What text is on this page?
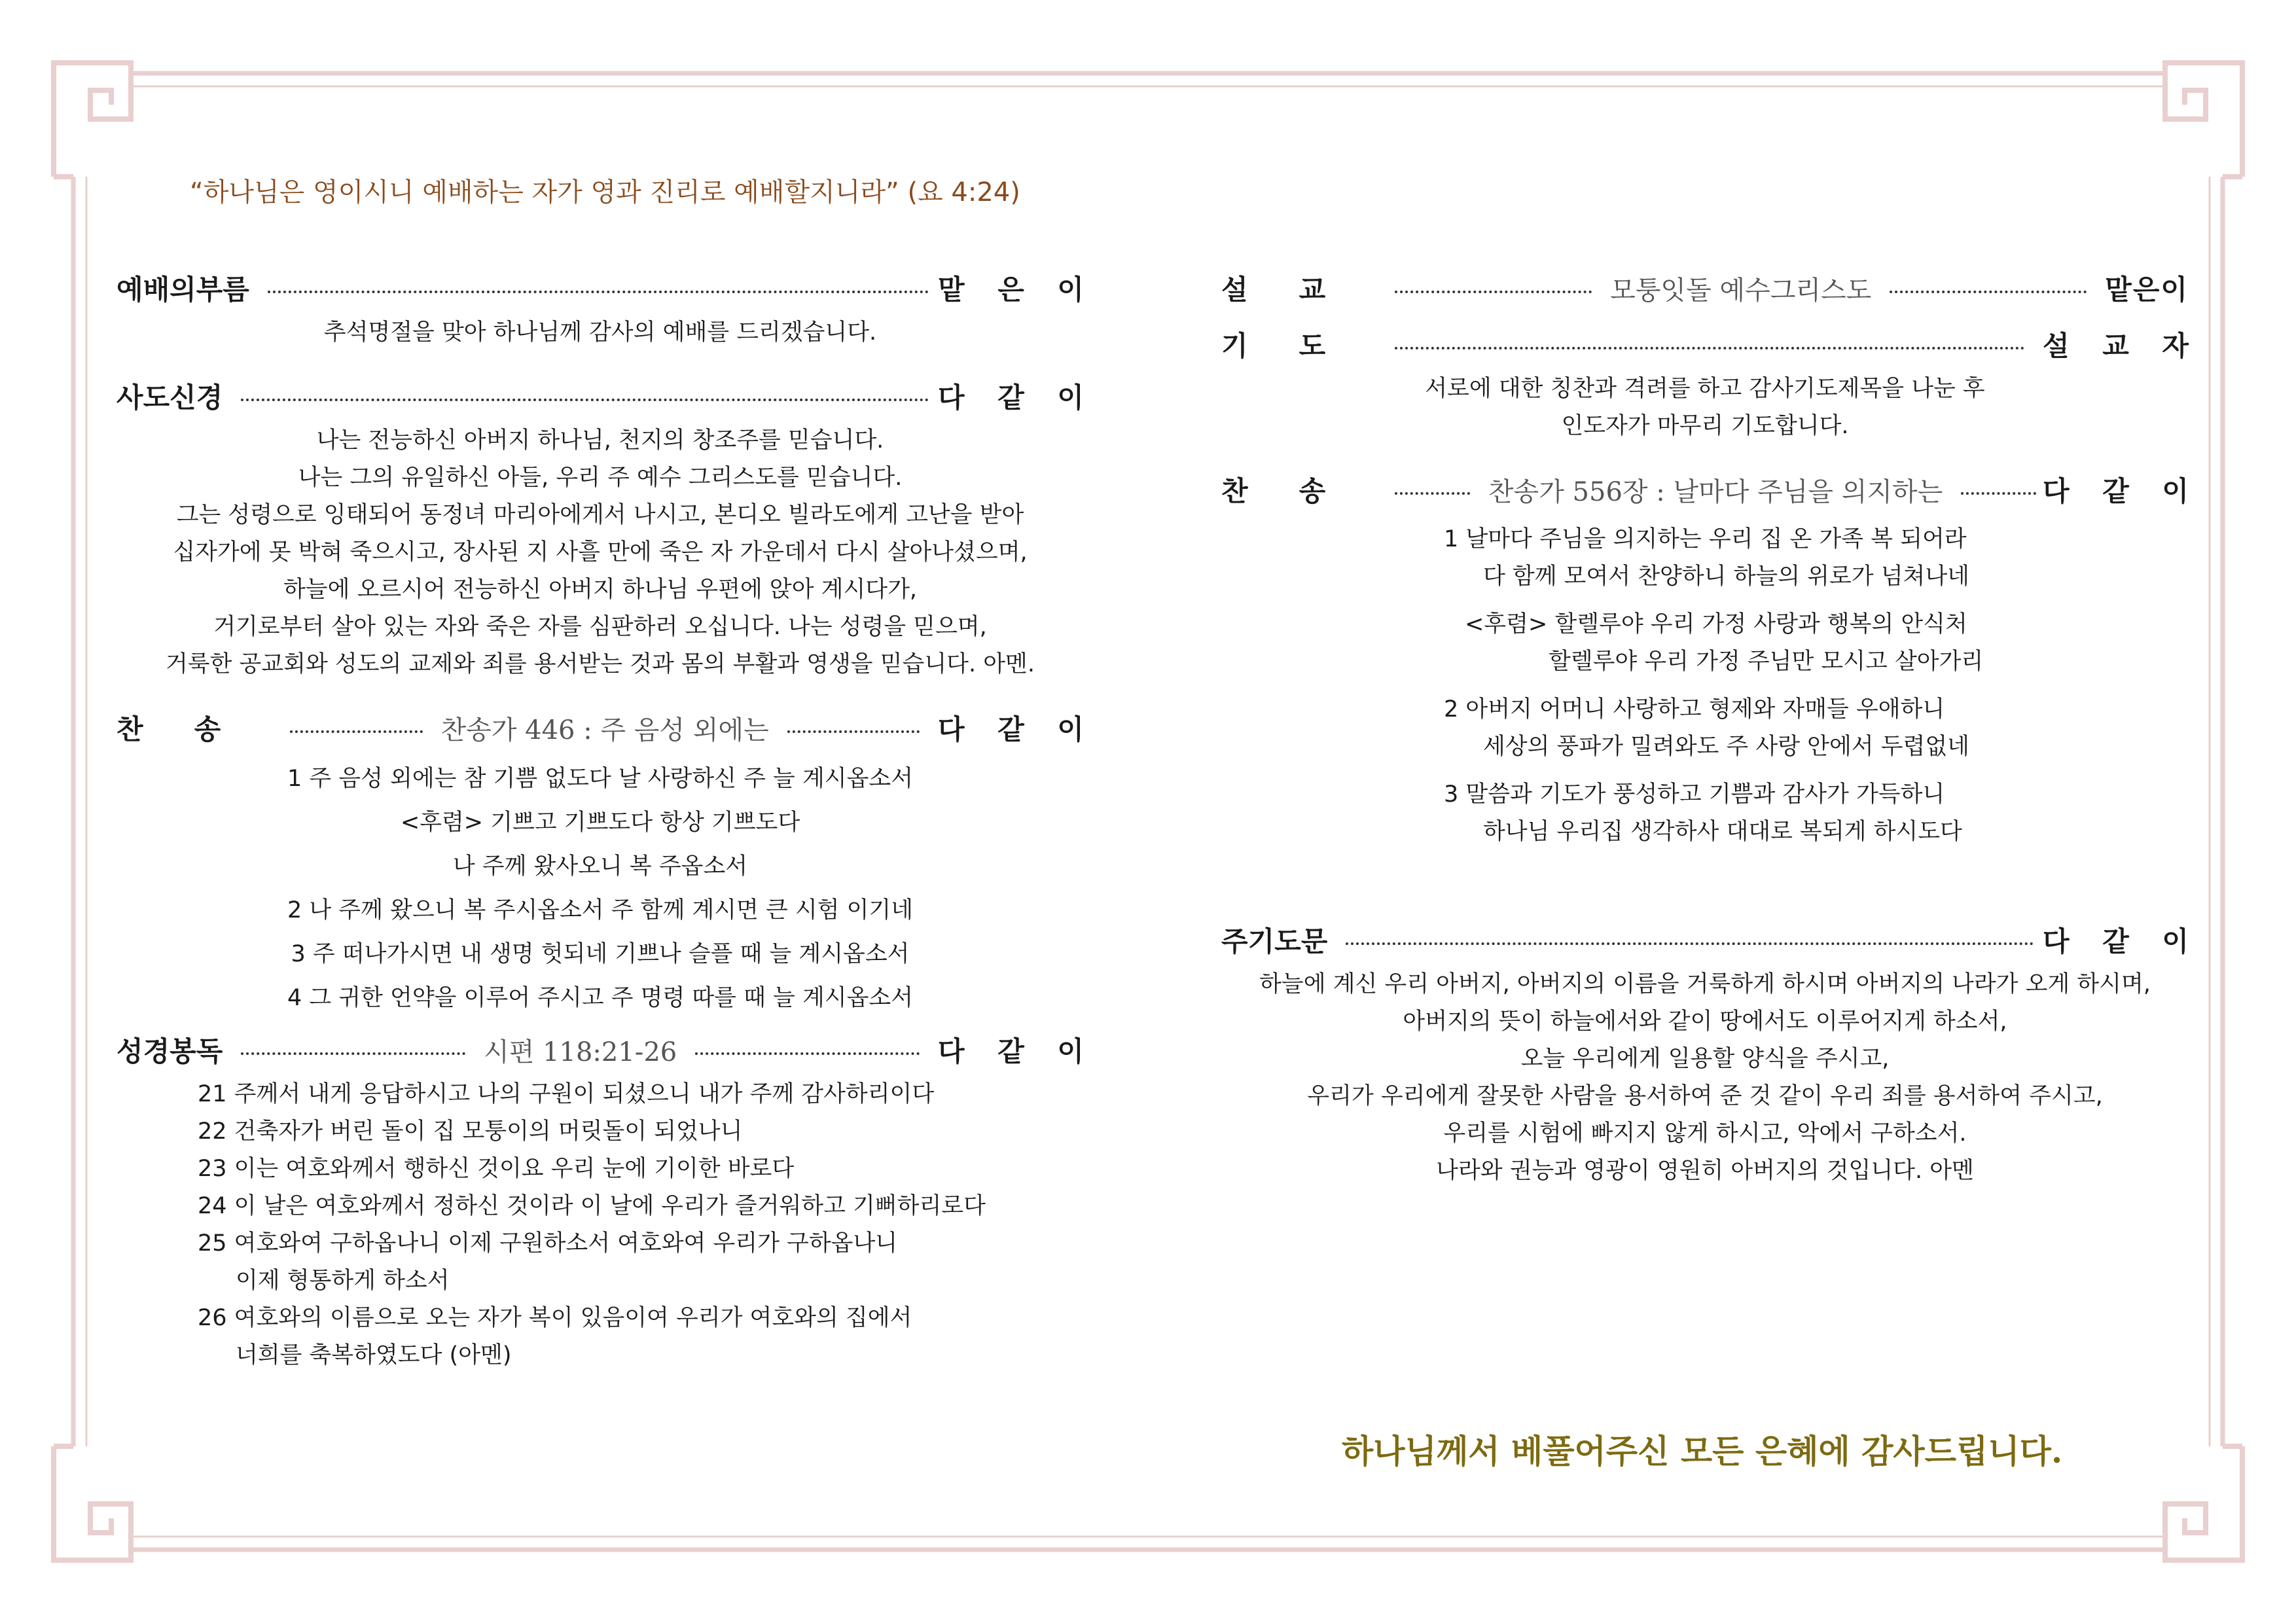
“하나님은 영이시니 예배하는 자가 영과 진리로 예배할지니라” (요 4:24)
예배의부름	맡 은 이
추석명절을 맞아 하나님께 감사의 예배를 드리겠습니다.
사도신경	다 같 이
나는 전능하신 아버지 하나님, 천지의 창조주를 믿습니다.
나는 그의 유일하신 아들, 우리 주 예수 그리스도를 믿습니다.
그는 성령으로 잉태되어 동정녀 마리아에게서 나시고, 본디오 빌라도에게 고난을 받아
십자가에 못 박혀 죽으시고, 장사된 지 사흘 만에 죽은 자 가운데서 다시 살아나셨으며,
하늘에 오르시어 전능하신 아버지 하나님 우편에 앉아 계시다가,
거기로부터 살아 있는 자와 죽은 자를 심판하러 오십니다. 나는 성령을 믿으며,
거룩한 공교회와 성도의 교제와 죄를 용서받는 것과 몸의 부활과 영생을 믿습니다. 아멘.
찬송	찬송가 446 : 주 음성 외에는	다 같 이
1 주 음성 외에는 참 기쁨 없도다 날 사랑하신 주 늘 계시옵소서
<후렴> 기쁘고 기쁘도다 항상 기쁘도다
나 주께 왔사오니 복 주옵소서
2 나 주께 왔으니 복 주시옵소서 주 함께 계시면 큰 시험 이기네
3 주 떠나가시면 내 생명 헛되네 기쁘나 슬플 때 늘 계시옵소서
4 그 귀한 언약을 이루어 주시고 주 명령 따를 때 늘 계시옵소서
성경봉독	시편 118:21-26	다 같 이
21 주께서 내게 응답하시고 나의 구원이 되셨으니 내가 주께 감사하리이다
22 건축자가 버린 돌이 집 모퉁이의 머릿돌이 되었나니
23 이는 여호와께서 행하신 것이요 우리 눈에 기이한 바로다
24 이 날은 여호와께서 정하신 것이라 이 날에 우리가 즐거워하고 기뻐하리로다
25 여호와여 구하옵나니 이제 구원하소서 여호와여 우리가 구하옵나니
이제 형통하게 하소서
26 여호와의 이름으로 오는 자가 복이 있음이여 우리가 여호와의 집에서
너희를 축복하였도다 (아멘)
설교	모퉁잇돌 예수그리스도	맡은이
기도	설 교 자
서로에 대한 칭찬과 격려를 하고 감사기도제목을 나눈 후
인도자가 마무리 기도합니다.
찬송	찬송가 556장 : 날마다 주님을 의지하는	다 같 이
1 날마다 주님을 의지하는 우리 집 온 가족 복 되어라
다 함께 모여서 찬양하니 하늘의 위로가 넘쳐나네
<후렴> 할렐루야 우리 가정 사랑과 행복의 안식처
할렐루야 우리 가정 주님만 모시고 살아가리
2 아버지 어머니 사랑하고 형제와 자매들 우애하니
세상의 풍파가 밀려와도 주 사랑 안에서 두렵없네
3 말씀과 기도가 풍성하고 기쁨과 감사가 가득하니
하나님 우리집 생각하사 대대로 복되게 하시도다
주기도문	다 같 이
하늘에 계신 우리 아버지, 아버지의 이름을 거룩하게 하시며 아버지의 나라가 오게 하시며,
아버지의 뜻이 하늘에서와 같이 땅에서도 이루어지게 하소서,
오늘 우리에게 일용할 양식을 주시고,
우리가 우리에게 잘못한 사람을 용서하여 준 것 같이 우리 죄를 용서하여 주시고,
우리를 시험에 빠지지 않게 하시고, 악에서 구하소서.
나라와 권능과 영광이 영원히 아버지의 것입니다. 아멘
하나님께서 베풀어주신 모든 은혜에 감사드립니다.
